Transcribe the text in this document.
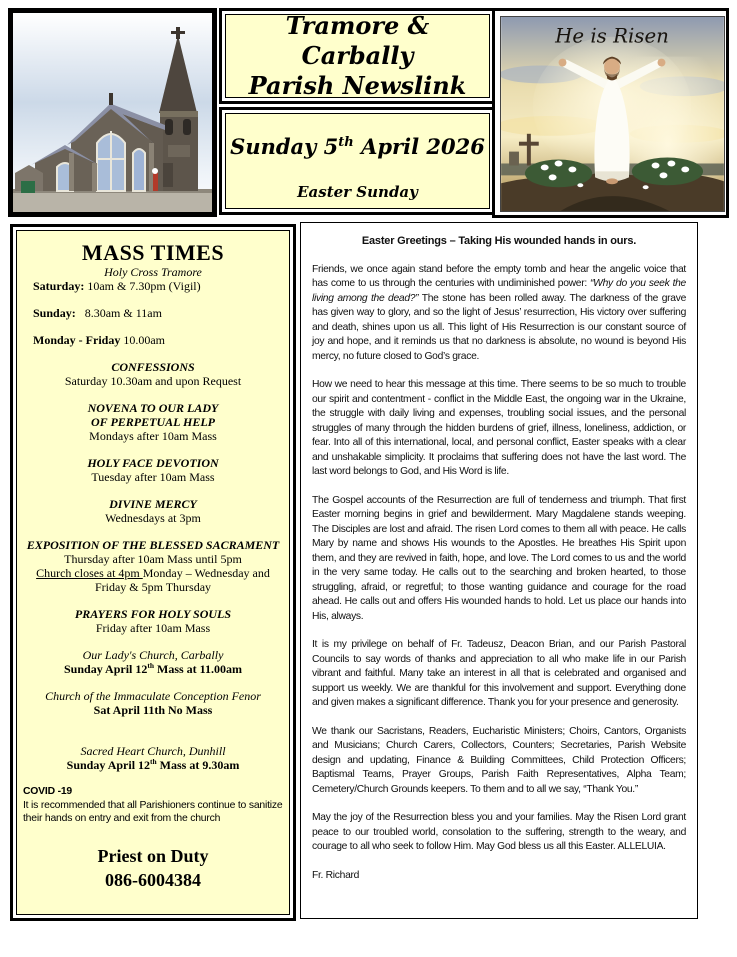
Tramore & Carbally
Parish Newslink
Sunday 5th April 2026
Easter Sunday
He is Risen
MASS TIMES
Holy Cross Tramore
Saturday: 10am & 7.30pm (Vigil)
Sunday:   8.30am & 11am
Monday - Friday 10.00am
CONFESSIONS
Saturday 10.30am and upon Request
NOVENA TO OUR LADY
OF PERPETUAL HELP
Mondays after 10am Mass
HOLY FACE DEVOTION
Tuesday after 10am Mass
DIVINE MERCY
Wednesdays at 3pm
EXPOSITION OF THE BLESSED SACRAMENT
Thursday after 10am Mass until 5pm
Church closes at 4pm Monday – Wednesday and
Friday & 5pm Thursday
PRAYERS FOR HOLY SOULS
Friday after 10am Mass
Our Lady's Church, Carbally
Sunday April 12th Mass at 11.00am
Church of the Immaculate Conception Fenor
Sat April 11th No Mass
Sacred Heart Church, Dunhill
Sunday April 12th Mass at 9.30am
COVID -19
It is recommended that all Parishioners continue to sanitize their hands on entry and exit from the church
Priest on Duty
086-6004384

Easter Greetings – Taking His wounded hands in ours.

Friends, we once again stand before the empty tomb and hear the angelic voice that has come to us through the centuries with undiminished power: “Why do you seek the living among the dead?” The stone has been rolled away. The darkness of the grave has given way to glory, and so the light of Jesus’ resurrection, His victory over suffering and death, shines upon us all. This light of His Resurrection is our constant source of joy and hope, and it reminds us that no darkness is absolute, no wound is beyond His mercy, no future closed to God’s grace.

How we need to hear this message at this time. There seems to be so much to trouble our spirit and contentment - conflict in the Middle East, the ongoing war in the Ukraine, the struggle with daily living and expenses, troubling social issues, and the personal struggles of many through the hidden burdens of grief, illness, loneliness, addiction, or fear. Into all of this international, local, and personal conflict, Easter speaks with a clear and unshakable simplicity. It proclaims that suffering does not have the last word. The last word belongs to God, and His Word is life.

The Gospel accounts of the Resurrection are full of tenderness and triumph. That first Easter morning begins in grief and bewilderment. Mary Magdalene stands weeping. The Disciples are lost and afraid. The risen Lord comes to them all with peace. He calls Mary by name and shows His wounds to the Apostles. He breathes His Spirit upon them, and they are revived in faith, hope, and love. The Lord comes to us and the world in the very same today. He calls out to the searching and broken hearted, to those struggling, afraid, or regretful; to those wanting guidance and courage for the road ahead. He calls out and offers His wounded hands to hold. Let us place our hands into His, always.

It is my privilege on behalf of Fr. Tadeusz, Deacon Brian, and our Parish Pastoral Councils to say words of thanks and appreciation to all who make life in our Parish vibrant and faithful. Many take an interest in all that is celebrated and organised and support us weekly. We are thankful for this involvement and support. Everything done and given makes a significant difference. Thank you for your presence and generosity.

We thank our Sacristans, Readers, Eucharistic Ministers; Choirs, Cantors, Organists and Musicians; Church Carers, Collectors, Counters; Secretaries, Parish Website design and updating, Finance & Building Committees, Child Protection Officers; Baptismal Teams, Prayer Groups, Parish Faith Representatives, Alpha Team; Cemetery/Church Grounds keepers. To them and to all we say, “Thank You.”

May the joy of the Resurrection bless you and your families. May the Risen Lord grant peace to our troubled world, consolation to the suffering, strength to the weary, and courage to all who seek to follow Him. May God bless us all this Easter. ALLELUIA.

Fr. Richard
